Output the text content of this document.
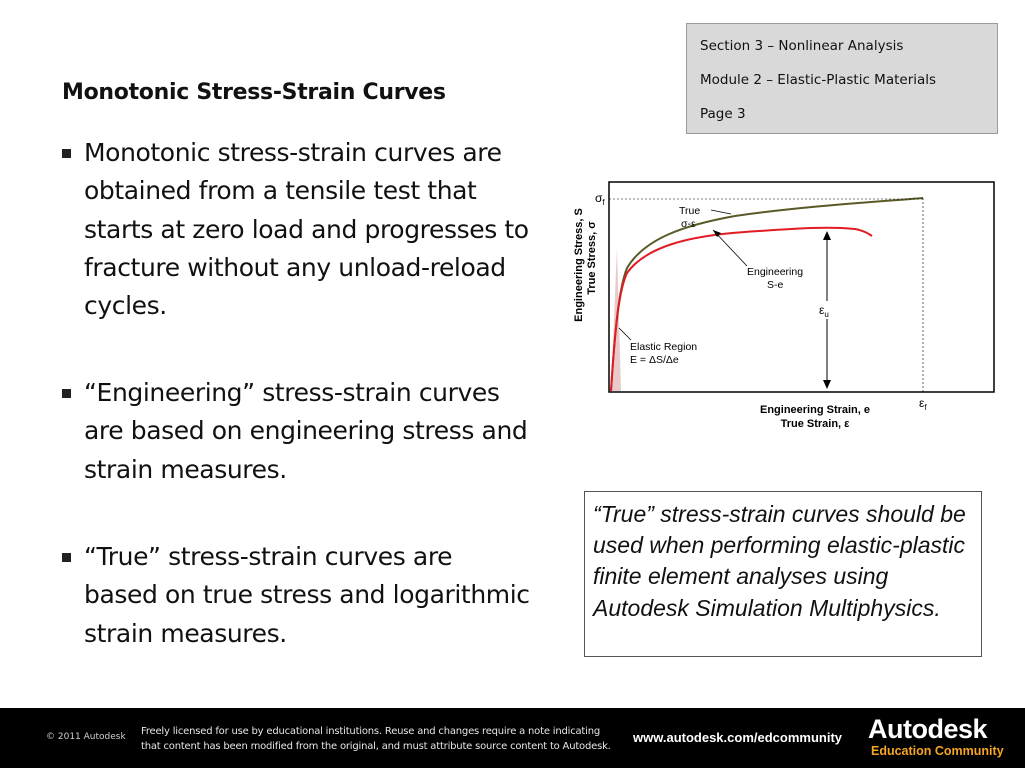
Section 3 – Nonlinear Analysis
Module 2 – Elastic-Plastic Materials
Page 3
Monotonic Stress-Strain Curves
Monotonic stress-strain curves are obtained from a tensile test that starts at zero load and progresses to fracture without any unload-reload cycles.
“Engineering” stress-strain curves are based on engineering stress and strain measures.
“True” stress-strain curves are based on true stress and logarithmic strain measures.
Engineering Stress, S True Stress, σ
$\sigma_f$
$\varepsilon_u$
True
σ-ε
Engineering
S-e
Elastic Region
E = ΔS/Δe
$\varepsilon_f$
Engineering Strain, e
True Strain, ε
“True” stress-strain curves should be used when performing elastic-plastic finite element analyses using Autodesk Simulation Multiphysics.
© 2011 Autodesk Freely licensed for use by educational institutions. Reuse and changes require a note indicating that content has been modified from the original, and must attribute source content to Autodesk.
www.autodesk.com/edcommunity Autodesk
Education Community
